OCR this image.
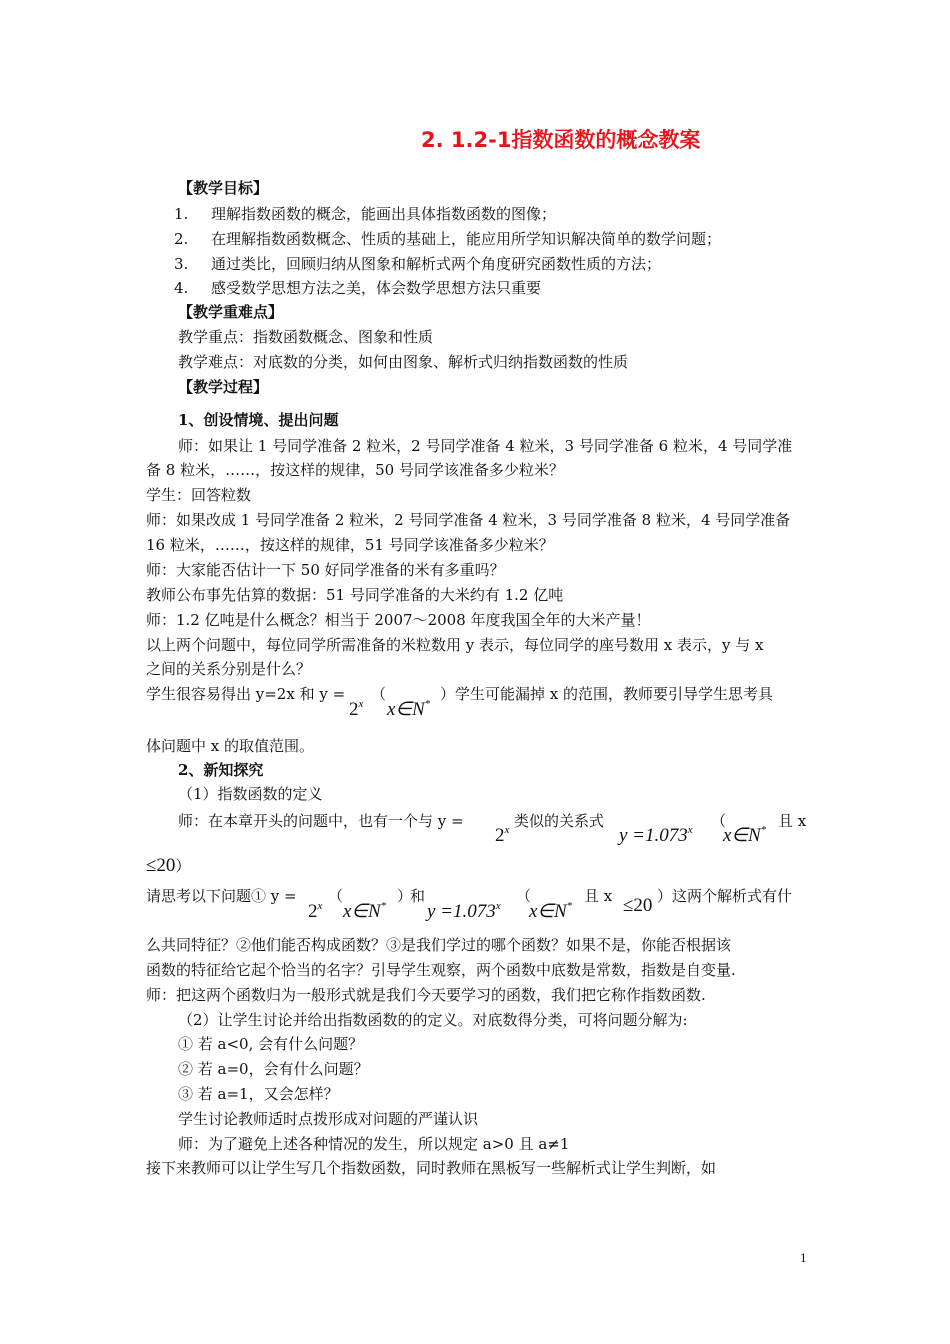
2. 1.2-1指数函数的概念教案
【教学目标】
1. 理解指数函数的概念，能画出具体指数函数的图像；
2. 在理解指数函数概念、性质的基础上，能应用所学知识解决简单的数学问题；
3. 通过类比，回顾归纳从图象和解析式两个角度研究函数性质的方法；
4. 感受数学思想方法之美，体会数学思想方法只重要
【教学重难点】
教学重点：指数函数概念、图象和性质
教学难点：对底数的分类，如何由图象、解析式归纳指数函数的性质
【教学过程】
1、创设情境、提出问题
师：如果让 1 号同学准备 2 粒米，2 号同学准备 4 粒米，3 号同学准备 6 粒米，4 号同学准
备 8 粒米，……，按这样的规律，50 号同学该准备多少粒米？
学生：回答粒数
师：如果改成 1 号同学准备 2 粒米，2 号同学准备 4 粒米，3 号同学准备 8 粒米，4 号同学准备
16 粒米，……，按这样的规律，51 号同学该准备多少粒米？
师：大家能否估计一下 50 好同学准备的米有多重吗？
教师公布事先估算的数据：51 号同学准备的大米约有 1.2 亿吨
师：1.2 亿吨是什么概念？相当于 2007～2008 年度我国全年的大米产量！
以上两个问题中，每位同学所需准备的米粒数用 y 表示，每位同学的座号数用 x 表示，y 与 x
之间的关系分别是什么？
学生很容易得出 y=2x 和 y =
$2^x$
（
x∈N*
）学生可能漏掉 x 的范围，教师要引导学生思考具
体问题中 x 的取值范围。
2、新知探究
（1）指数函数的定义
师：在本章开头的问题中，也有一个与 y =
$2^x$ 类似的关系式
$y =1.073^x$ （
x∈N* 且 x
≤20）
请思考以下问题① y =
$2^x$
（
x∈N*
）
和
$y =1.073^x$
（
x∈N*
且 x ≤20 ） 这两个解析式有什
么共同特征？②他们能否构成函数？③是我们学过的哪个函数？如果不是，你能否根据该
函数的特征给它起个恰当的名字？引导学生观察，两个函数中底数是常数，指数是自变量.
师：把这两个函数归为一般形式就是我们今天要学习的函数，我们把它称作指数函数.
（2）让学生讨论并给出指数函数的的定义。对底数得分类，可将问题分解为:
① 若 a<0, 会有什么问题？
② 若 a=0，会有什么问题？
③ 若 a=1，又会怎样？
学生讨论教师适时点拨形成对问题的严谨认识
师：为了避免上述各种情况的发生，所以规定 a>0 且 a≠1
接下来教师可以让学生写几个指数函数，同时教师在黑板写一些解析式让学生判断，如
1
